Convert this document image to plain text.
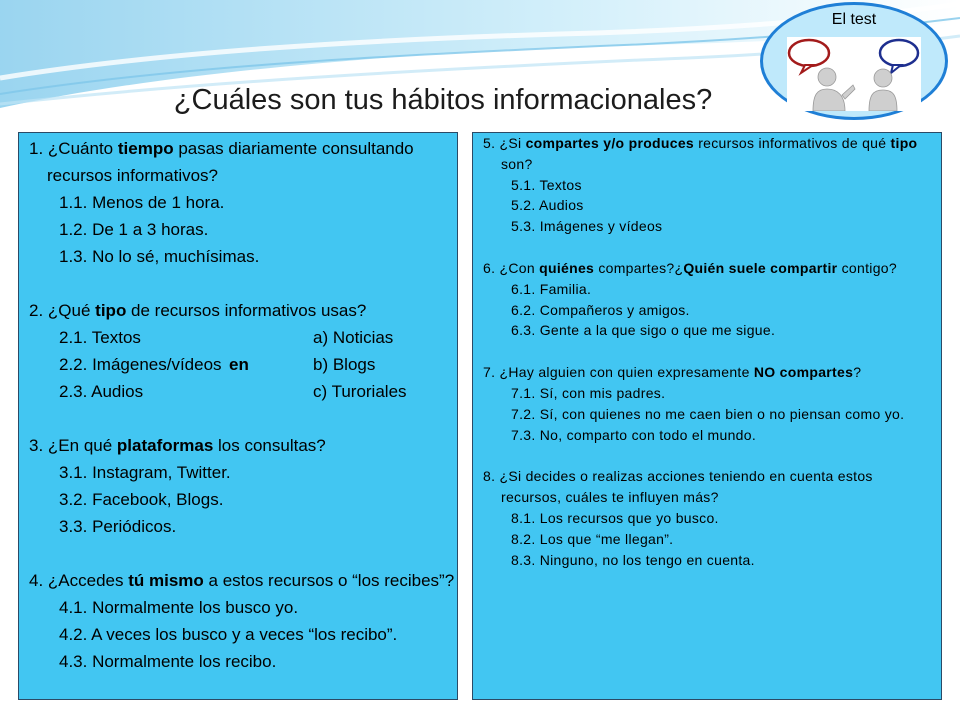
¿Cuáles son tus hábitos informacionales?
El test
1. ¿Cuánto tiempo pasas diariamente consultando recursos informativos?
1.1. Menos de 1 hora.
1.2. De 1 a 3 horas.
1.3. No lo sé, muchísimas.
2. ¿Qué tipo de recursos informativos usas?
2.1. Textos	a) Noticias
2.2. Imágenes/vídeos en	b) Blogs
2.3. Audios	c) Turoriales
3. ¿En qué plataformas los consultas?
3.1. Instagram, Twitter.
3.2. Facebook, Blogs.
3.3. Periódicos.
4. ¿Accedes tú mismo a estos recursos o “los recibes”?
4.1. Normalmente los busco yo.
4.2. A veces los busco y a veces “los recibo”.
4.3. Normalmente los recibo.
5. ¿Si compartes y/o produces recursos informativos de qué tipo son?
5.1. Textos
5.2. Audios
5.3. Imágenes y vídeos
6. ¿Con quiénes compartes?¿Quién suele compartir contigo?
6.1. Familia.
6.2. Compañeros y amigos.
6.3. Gente a la que sigo o que me sigue.
7. ¿Hay alguien con quien expresamente NO compartes?
7.1. Sí, con mis padres.
7.2. Sí, con quienes no me caen bien o no piensan como yo.
7.3. No, comparto con todo el mundo.
8. ¿Si decides o realizas acciones teniendo en cuenta estos recursos, cuáles te influyen más?
8.1. Los recursos que yo busco.
8.2. Los que “me llegan”.
8.3. Ninguno, no los tengo en cuenta.
